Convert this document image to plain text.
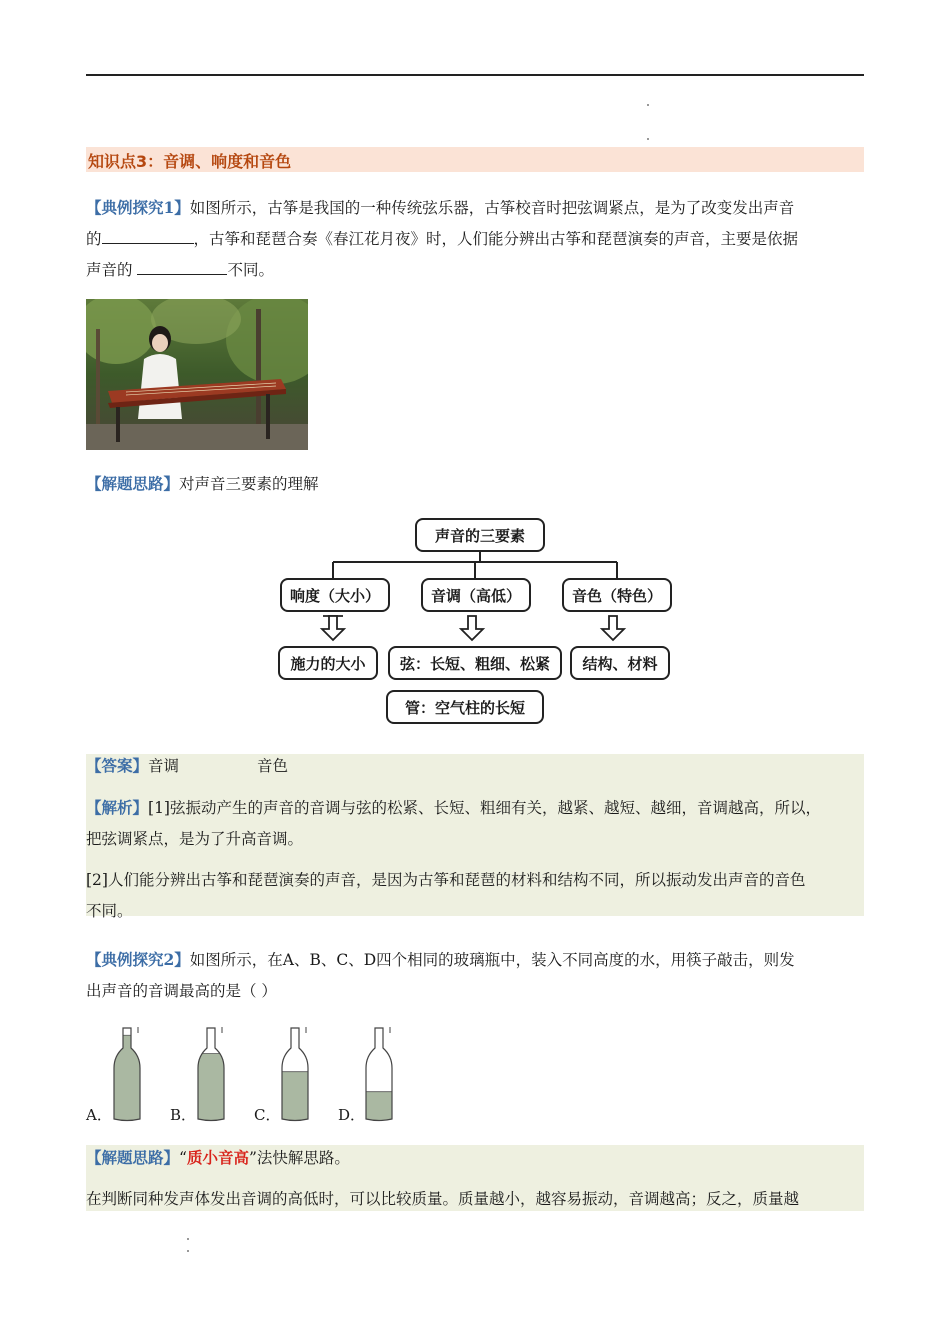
知识点3：音调、响度和音色
【典例探究1】如图所示，古筝是我国的一种传统弦乐器，古筝校音时把弦调紧点，是为了改变发出声音
的	，古筝和琵琶合奏《春江花月夜》时，人们能分辨出古筝和琵琶演奏的声音，主要是依据
声音的	不同。
【解题思路】对声音三要素的理解
声音的三要素
响度（大小）	音调（高低）	音色（特色）
施力的大小	弦：长短、粗细、松紧	结构、材料
管：空气柱的长短
【答案】音调	音色
【解析】[1]弦振动产生的声音的音调与弦的松紧、长短、粗细有关，越紧、越短、越细，音调越高，所以，
把弦调紧点，是为了升高音调。
[2]人们能分辨出古筝和琵琶演奏的声音，是因为古筝和琵琶的材料和结构不同，所以振动发出声音的音色
不同。
【典例探究2】如图所示，在A、B、C、D四个相同的玻璃瓶中，装入不同高度的水，用筷子敲击，则发
出声音的音调最高的是（ ）
A．	B．	C．	D．
【解题思路】“质小音高”法快解思路。
在判断同种发声体发出音调的高低时，可以比较质量。质量越小，越容易振动，音调越高；反之，质量越
